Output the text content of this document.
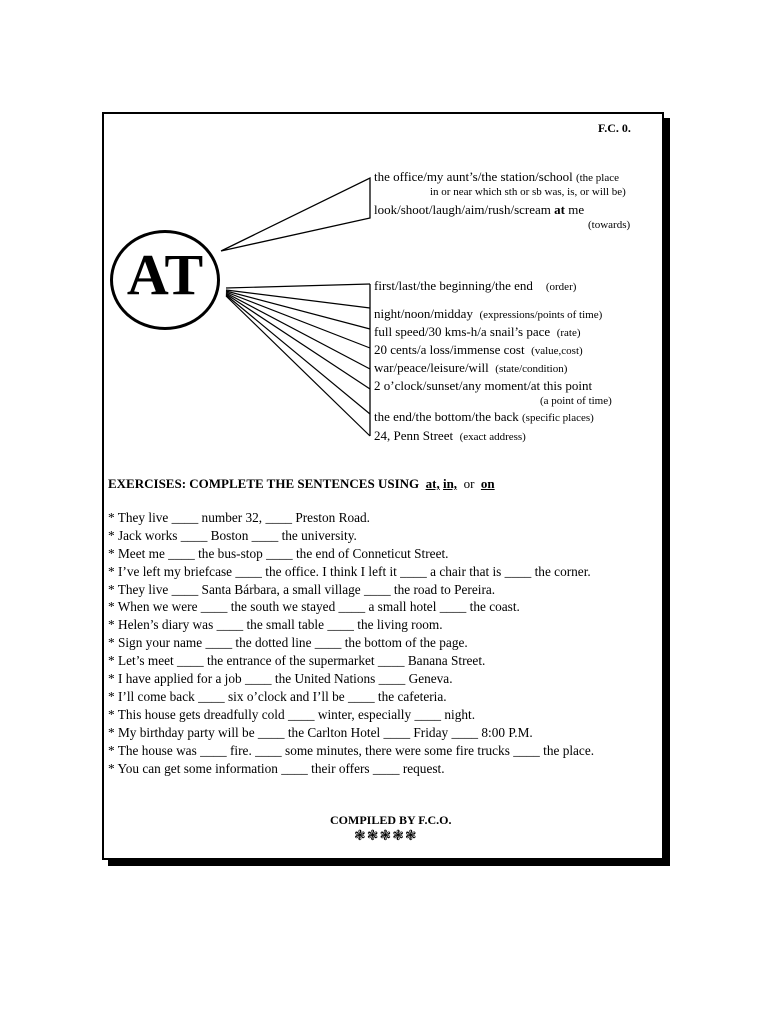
F.C. 0.
AT
the office/my aunt’s/the station/school (the place
in or near which sth or sb was, is, or will be)
look/shoot/laugh/aim/rush/scream at me
(towards)
first/last/the beginning/the end (order)
night/noon/midday (expressions/points of time)
full speed/30 kms-h/a snail’s pace (rate)
20 cents/a loss/immense cost (value,cost)
war/peace/leisure/will (state/condition)
2 o’clock/sunset/any moment/at this point
(a point of time)
the end/the bottom/the back (specific places)
24, Penn Street (exact address)
EXERCISES: COMPLETE THE SENTENCES USING at, in, or on
* They live ____ number 32, ____ Preston Road.
* Jack works ____ Boston ____ the university.
* Meet me ____ the bus-stop ____ the end of Conneticut Street.
* I’ve left my briefcase ____ the office. I think I left it ____ a chair that is ____ the corner.
* They live ____ Santa Bárbara, a small village ____ the road to Pereira.
* When we were ____ the south we stayed ____ a small hotel ____ the coast.
* Helen’s diary was ____ the small table ____ the living room.
* Sign your name ____ the dotted line ____ the bottom of the page.
* Let’s meet ____ the entrance of the supermarket ____ Banana Street.
* I have applied for a job ____ the United Nations ____ Geneva.
* I’ll come back ____ six o’clock and I’ll be ____ the cafeteria.
* This house gets dreadfully cold ____ winter, especially ____ night.
* My birthday party will be ____ the Carlton Hotel ____ Friday ____ 8:00 P.M.
* The house was ____ fire. ____ some minutes, there were some fire trucks ____ the place.
* You can get some information ____ their offers ____ request.
COMPILED BY F.C.O.
❃❃❃❃❃
